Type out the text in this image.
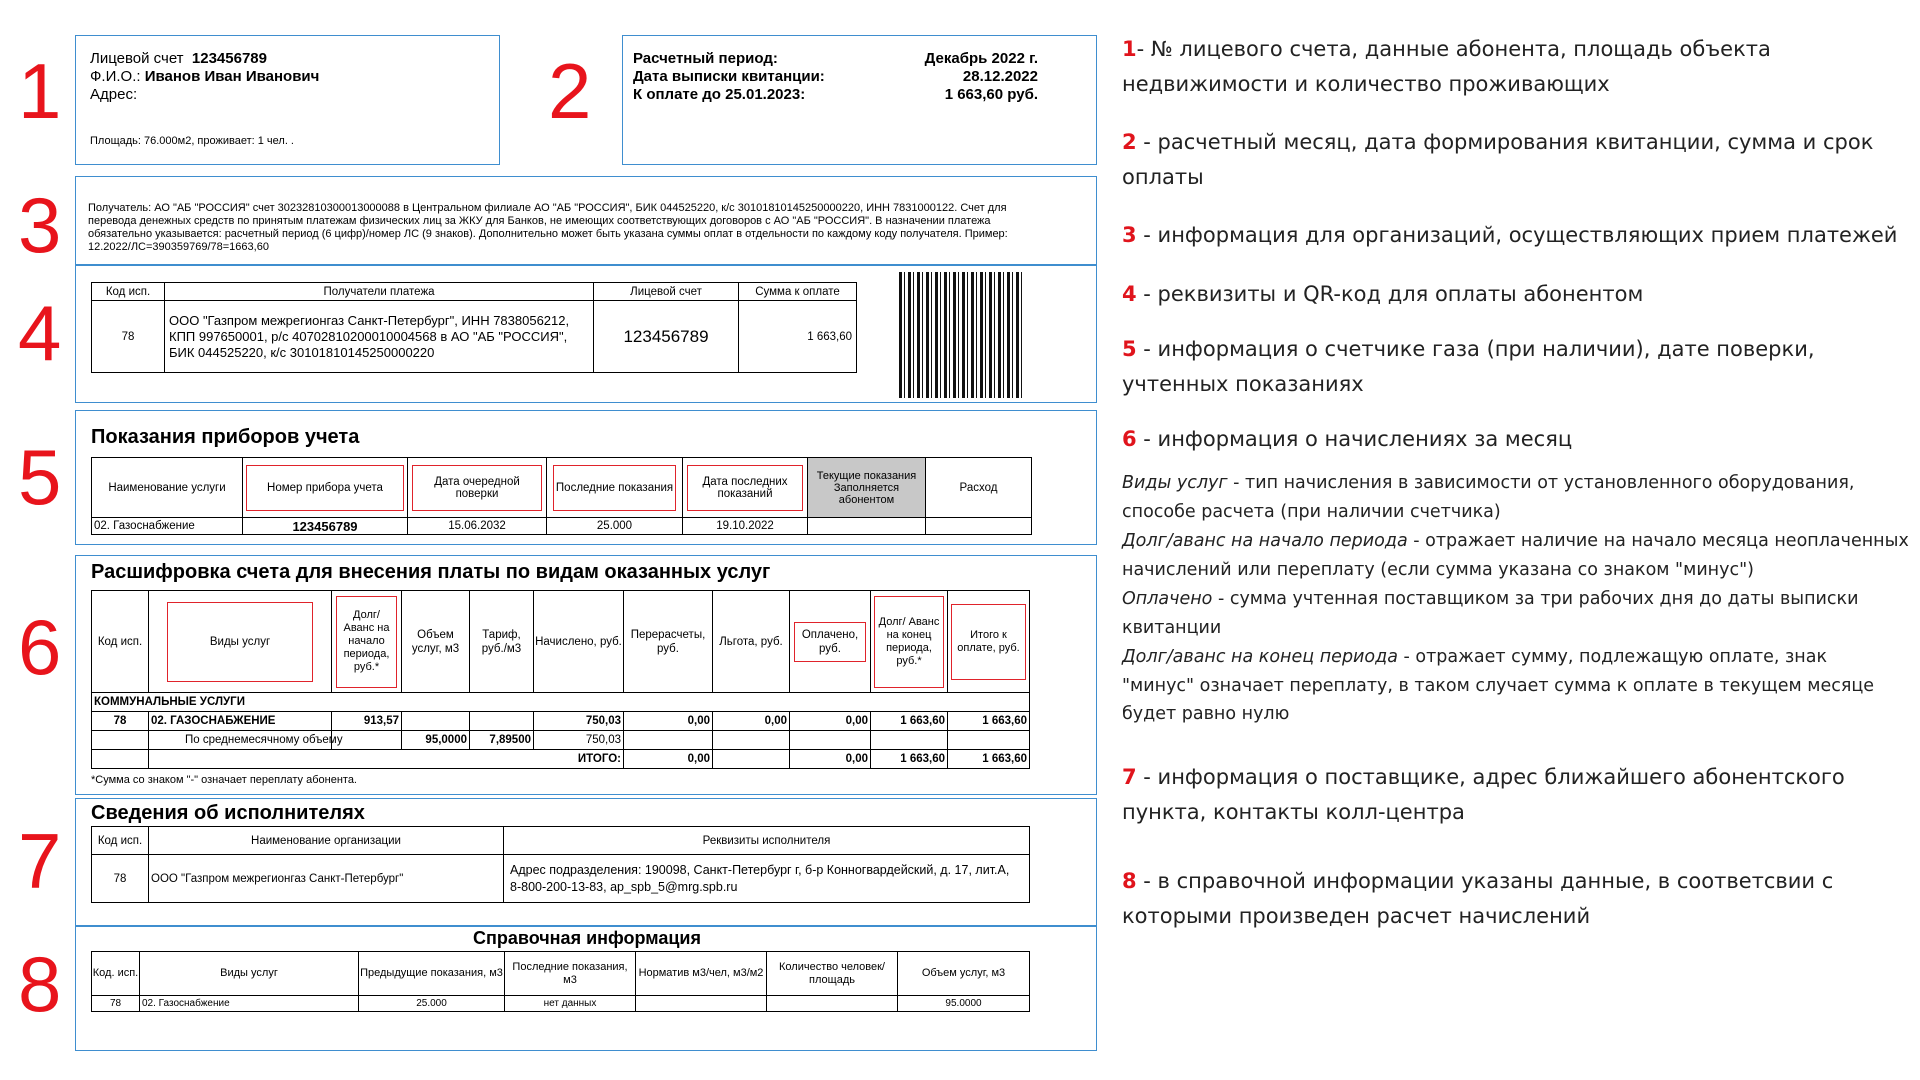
1	2
3
4
5
6
7
8
Лицевой счет 123456789
Ф.И.О.: Иванов Иван Иванович
Адрес:
Площадь: 76.000м2, проживает: 1 чел. .
Расчетный период:	Декабрь 2022 г.
Дата выписки квитанции:	28.12.2022
К оплате до 25.01.2023:	1 663,60 руб.
Получатель: АО "АБ "РОССИЯ" счет 30232810300013000088 в Центральном филиале АО "АБ "РОССИЯ", БИК 044525220, к/с 30101810145250000220, ИНН 7831000122. Счет для перевода денежных средств по принятым платежам физических лиц за ЖКУ для Банков, не имеющих соответствующих договоров с АО "АБ "РОССИЯ". В назначении платежа обязательно указывается: расчетный период (6 цифр)/номер ЛС (9 знаков). Дополнительно может быть указана суммы оплат в отдельности по каждому коду получателя. Пример: 12.2022/ЛС=390359769/78=1663,60
Код исп.	Получатели платежа	Лицевой счет	Сумма к оплате
78	ООО "Газпром межрегионгаз Санкт-Петербург", ИНН 7838056212, КПП 997650001, р/с 40702810200010004568 в АО "АБ "РОССИЯ", БИК 044525220, к/с 30101810145250000220	123456789	1 663,60
Показания приборов учета
Наименование услуги	Номер прибора учета	Дата очередной поверки	Последние показания	Дата последних показаний	Текущие показания Заполняется абонентом	Расход
02. Газоснабжение	123456789	15.06.2032	25.000	19.10.2022		
Расшифровка счета для внесения платы по видам оказанных услуг
Код исп.	Виды услуг	Долг/ Аванс на начало периода, руб.*	Объем услуг, м3	Тариф, руб./м3	Начислено, руб.	Перерасчеты, руб.	Льгота, руб.	Оплачено, руб.	Долг/ Аванс на конец периода, руб.*	Итого к оплате, руб.

КОММУНАЛЬНЫЕ УСЛУГИ										
78	02. ГАЗОСНАБЖЕНИЕ	913,57			750,03	0,00	0,00	0,00	1 663,60	1 663,60
	По среднемесячному объему		95,0000	7,89500	750,03					
	ИТОГО:					0,00		0,00	1 663,60	1 663,60
*Сумма со знаком "-" означает переплату абонента.
Сведения об исполнителях
Код исп.	Наименование организации	Реквизиты исполнителя
78	ООО "Газпром межрегионгаз Санкт-Петербург"	Адрес подразделения: 190098, Санкт-Петербург г, б-р Конногвардейский, д. 17, лит.А, 8-800-200-13-83, ap_spb_5@mrg.spb.ru
Справочная информация
Код. исп.	Виды услуг	Предыдущие показания, м3	Последние показания, м3	Норматив м3/чел, м3/м2	Количество человек/ площадь	Объем услуг, м3
78	02. Газоснабжение	25.000	нет данных			95.0000
1- № лицевого счета, данные абонента, площадь объекта недвижимости и количество проживающих
2 - расчетный месяц, дата формирования квитанции, сумма и срок оплаты
3 - информация для организаций, осуществляющих прием платежей
4 - реквизиты и QR-код для оплаты абонентом
5 - информация о счетчике газа (при наличии), дате поверки, учтенных показаниях
6 - информация о начислениях за месяц
Виды услуг - тип начисления в зависимости от установленного оборудования, способе расчета (при наличии счетчика)
Долг/аванс на начало периода - отражает наличие на начало месяца неоплаченных начислений или переплату (если сумма указана со знаком "минус")
Оплачено - сумма учтенная поставщиком за три рабочих дня до даты выписки квитанции
Долг/аванс на конец периода - отражает сумму, подлежащую оплате, знак "минус" означает переплату, в таком случает сумма к оплате в текущем месяце будет равно нулю
7 - информация о поставщике, адрес ближайшего абонентского пункта, контакты колл-центра
8 - в справочной информации указаны данные, в соответсвии с которыми произведен расчет начислений
